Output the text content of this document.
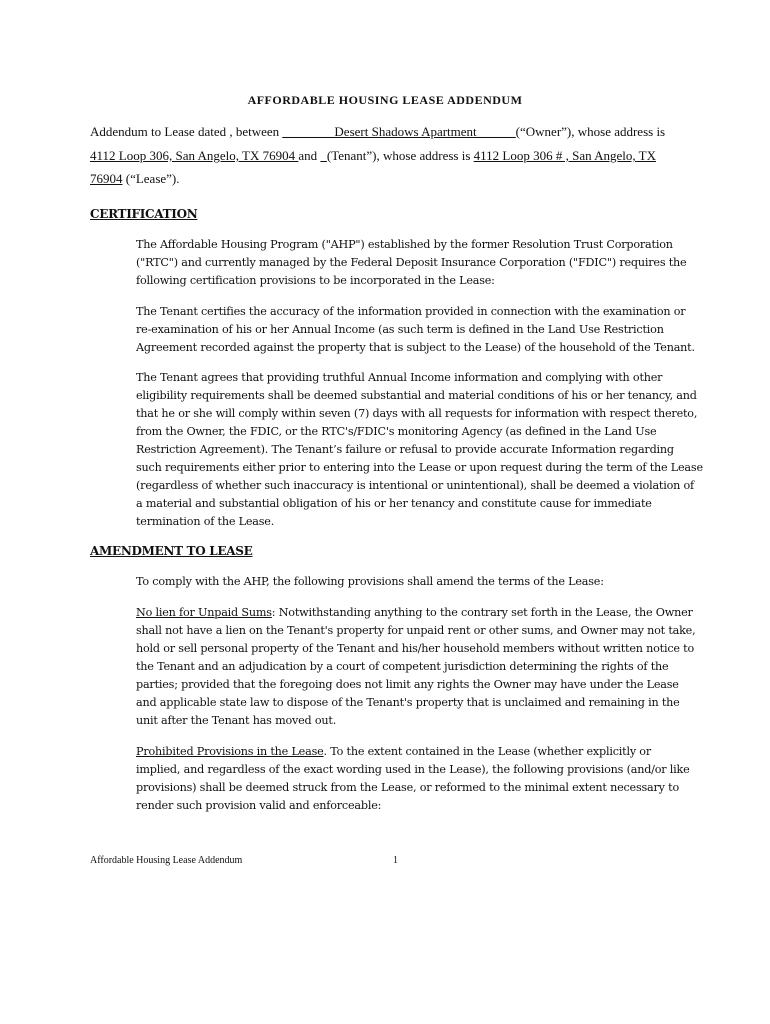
AFFORDABLE HOUSING LEASE ADDENDUM
Addendum to Lease dated , between ________Desert Shadows Apartment______(“Owner”), whose address is
4112 Loop 306, San Angelo, TX 76904 and   (Tenant”), whose address is 4112 Loop 306 # , San Angelo, TX
76904 (“Lease”).
CERTIFICATION
The Affordable Housing Program ("AHP") established by the former Resolution Trust Corporation
("RTC") and currently managed by the Federal Deposit Insurance Corporation ("FDIC") requires the
following certification provisions to be incorporated in the Lease:
The Tenant certifies the accuracy of the information provided in connection with the examination or
re-examination of his or her Annual Income (as such term is defined in the Land Use Restriction
Agreement recorded against the property that is subject to the Lease) of the household of the Tenant.
The Tenant agrees that providing truthful Annual Income information and complying with other
eligibility requirements shall be deemed substantial and material conditions of his or her tenancy, and
that he or she will comply within seven (7) days with all requests for information with respect thereto,
from the Owner, the FDIC, or the RTC's/FDIC's monitoring Agency (as defined in the Land Use
Restriction Agreement). The Tenant’s failure or refusal to provide accurate Information regarding
such requirements either prior to entering into the Lease or upon request during the term of the Lease
(regardless of whether such inaccuracy is intentional or unintentional), shall be deemed a violation of
a material and substantial obligation of his or her tenancy and constitute cause for immediate
termination of the Lease.
AMENDMENT TO LEASE
To comply with the AHP, the following provisions shall amend the terms of the Lease:
No lien for Unpaid Sums: Notwithstanding anything to the contrary set forth in the Lease, the Owner
shall not have a lien on the Tenant's property for unpaid rent or other sums, and Owner may not take,
hold or sell personal property of the Tenant and his/her household members without written notice to
the Tenant and an adjudication by a court of competent jurisdiction determining the rights of the
parties; provided that the foregoing does not limit any rights the Owner may have under the Lease
and applicable state law to dispose of the Tenant's property that is unclaimed and remaining in the
unit after the Tenant has moved out.
Prohibited Provisions in the Lease. To the extent contained in the Lease (whether explicitly or
implied, and regardless of the exact wording used in the Lease), the following provisions (and/or like
provisions) shall be deemed struck from the Lease, or reformed to the minimal extent necessary to
render such provision valid and enforceable:
Affordable Housing Lease Addendum	1
